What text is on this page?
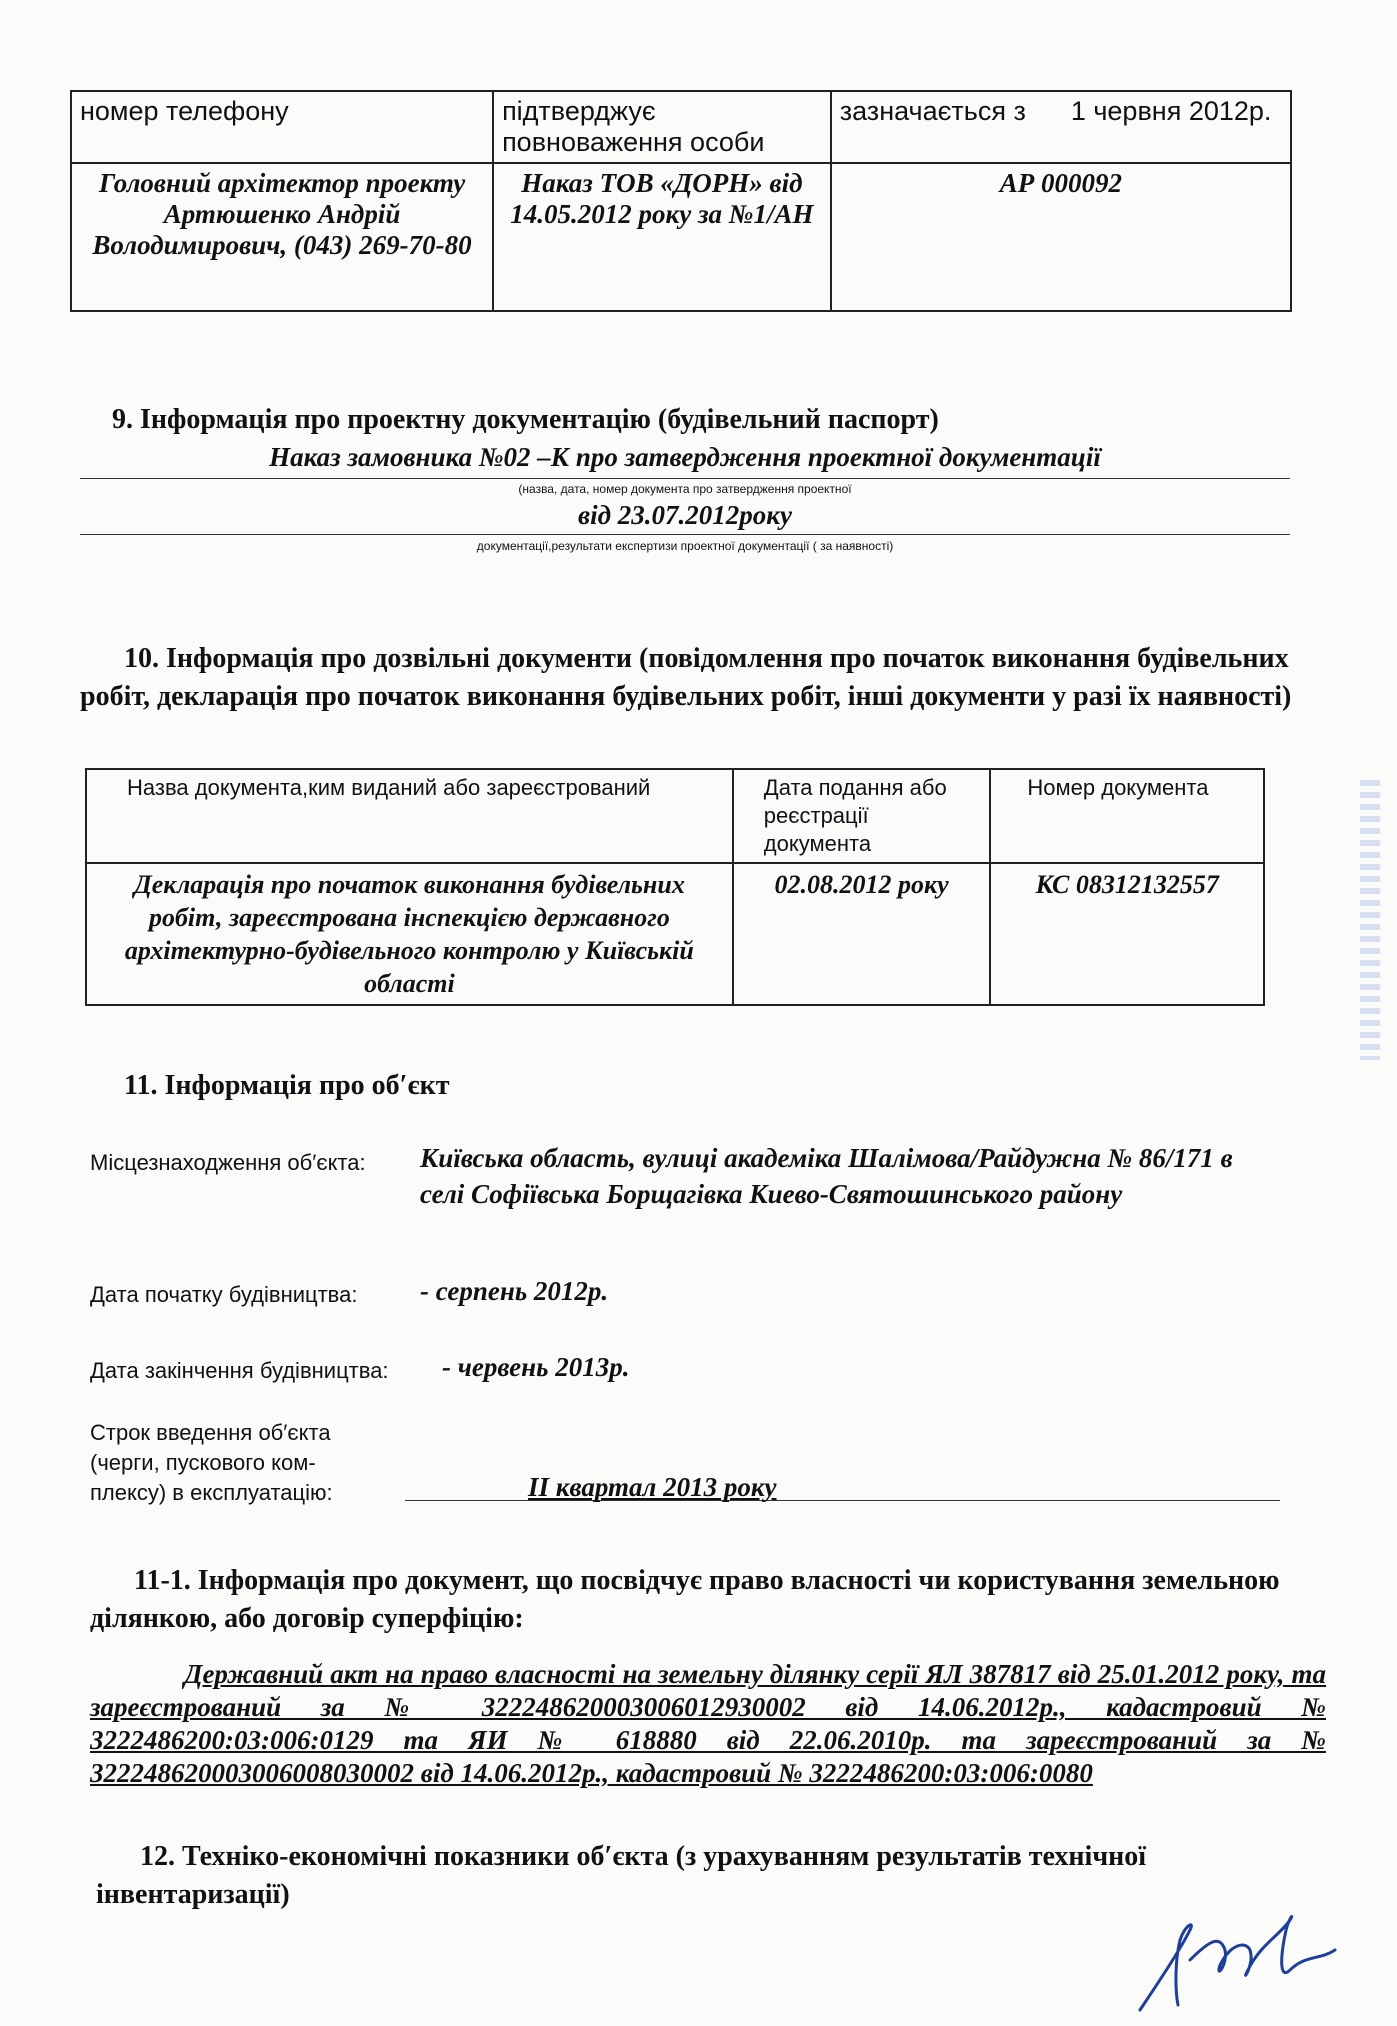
номер телефону	підтверджує повноваження особи	зазначається з      1 червня 2012р.
Головний архітектор проекту Артюшенко Андрій Володимирович, (043) 269-70-80	Наказ ТОВ «ДОРН» від 14.05.2012 року за №1/АН	АР 000092
9. Інформація про проектну документацію (будівельний паспорт)
Наказ замовника №02 –К про затвердження проектної документації
(назва, дата, номер документа про затвердження проектної
від 23.07.2012року
документації,результати експертизи проектної документації ( за наявності)
10. Інформація про дозвільні документи (повідомлення про початок виконання будівельних робіт, декларація про початок виконання будівельних робіт, інші документи у разі їх наявності)
Назва документа,ким виданий або зареєстрований	Дата подання або реєстрації документа	Номер документа
Декларація про початок виконання будівельних робіт, зареєстрована інспекцією державного архітектурно-будівельного контролю у Київській області	02.08.2012 року	КС 08312132557
11. Інформація про об′єкт
Місцезнаходження об′єкта: Київська область, вулиці академіка Шалімова/Райдужна № 86/171 в селі Софіївська Борщагівка Киево-Святошинського району
Дата початку будівництва: - серпень 2012р.
Дата закінчення будівництва: - червень 2013р.
Строк введення об′єкта (черги, пускового ком-плексу) в експлуатацію:	II квартал 2013 року
11-1. Інформація про документ, що посвідчує право власності чи користування земельною ділянкою, або договір суперфіцію:
Державний акт на право власності на земельну ділянку серії ЯЛ 387817 від 25.01.2012 року, та зареєстрований за № 322248620003006012930002 від 14.06.2012р., кадастровий № 3222486200:03:006:0129 та ЯИ № 618880 від 22.06.2010р. та зареєстрований за № 322248620003006008030002 від 14.06.2012р., кадастровий № 3222486200:03:006:0080
12. Техніко-економічні показники об′єкта (з урахуванням результатів технічної інвентаризації)
